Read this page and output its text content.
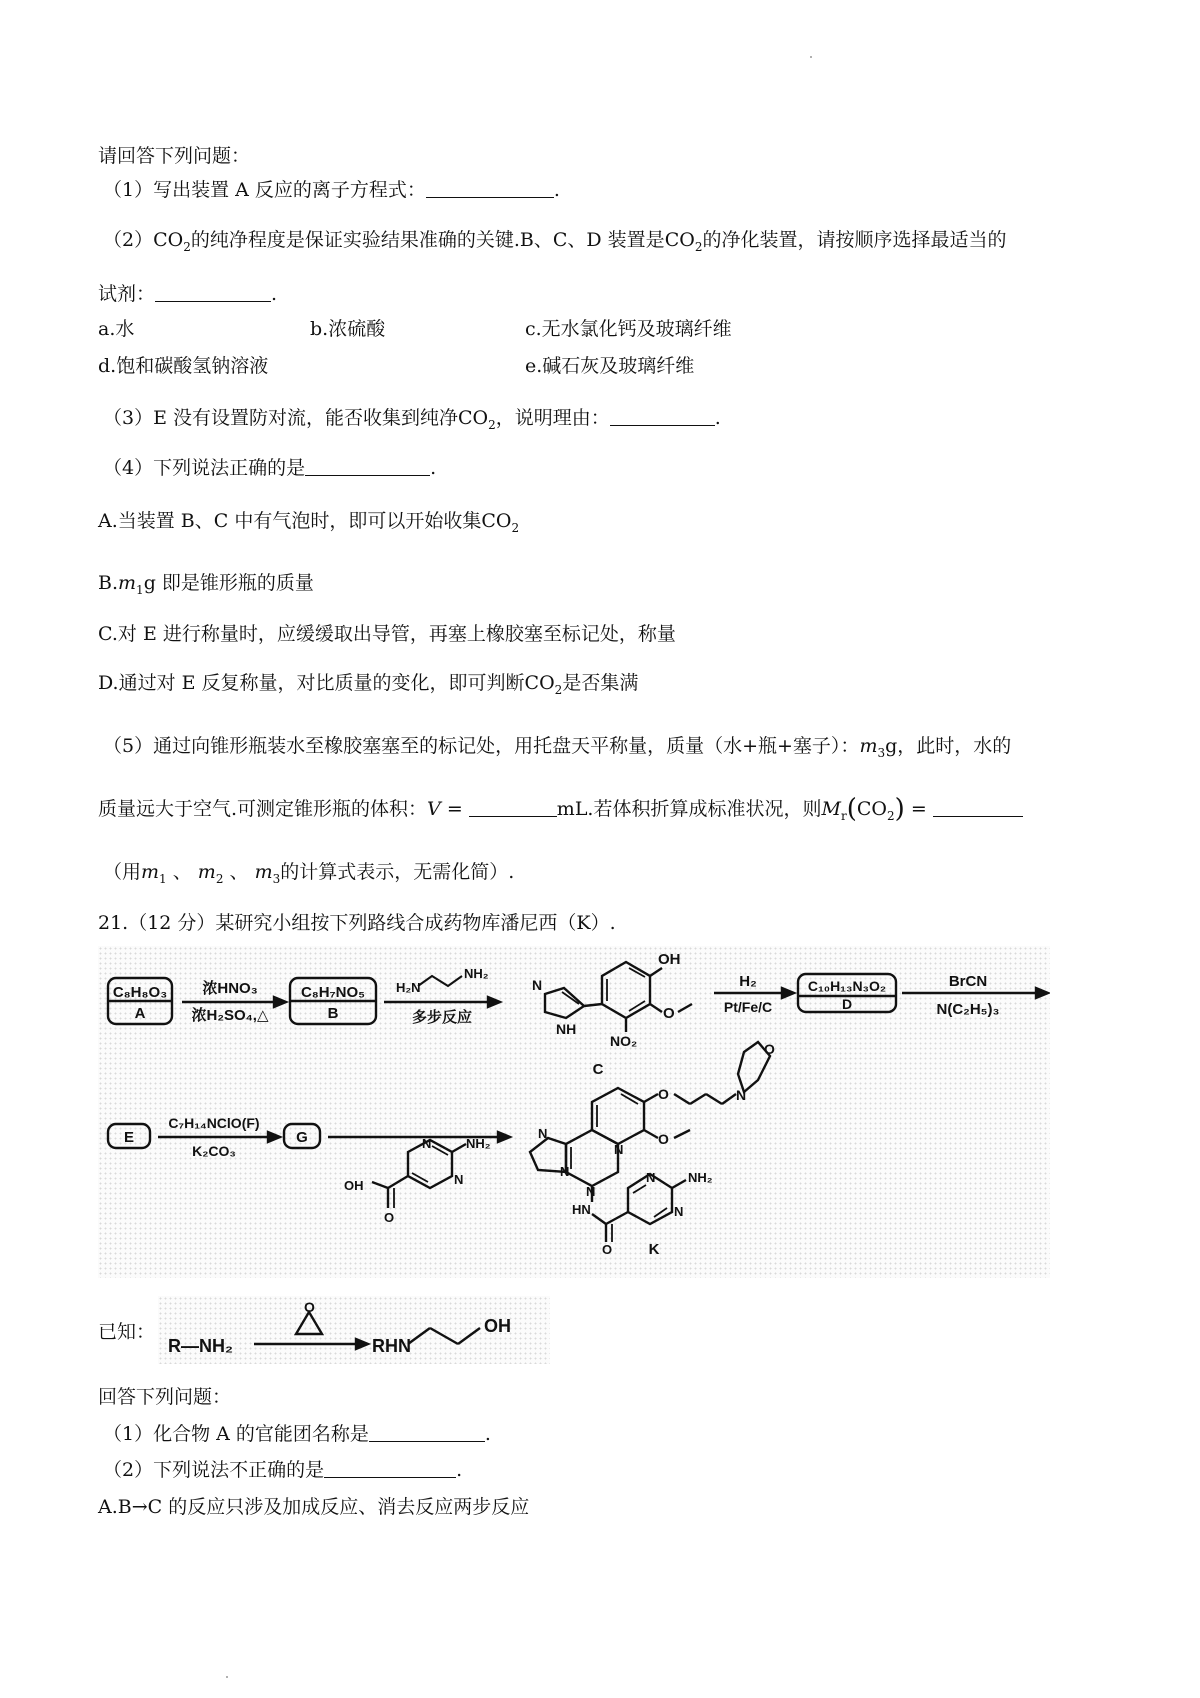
请回答下列问题：
（1）写出装置 A 反应的离子方程式：	.
$(2)CO_2$的纯净程度是保证实验结果准确的关键.B、C、D 装置是$CO_2$的净化装置，请按顺序选择最适当的
试剂：	.
a.水	b.浓硫酸	c.无水氯化钙及玻璃纤维
d.饱和碳酸氢钠溶液	e.碱石灰及玻璃纤维
（3）E 没有设置防对流，能否收集到纯净$CO_2$，说明理由：	.
（4）下列说法正确的是	.
A.当装置 B、C 中有气泡时，即可以开始收集$CO_2$
$B.m_1g$ 即是锥形瓶的质量
C.对 E 进行称量时，应缓缓取出导管，再塞上橡胶塞至标记处，称量
D.通过对 E 反复称量，对比质量的变化，即可判断$CO_2$是否集满
（5）通过向锥形瓶装水至橡胶塞塞至的标记处，用托盘天平称量，质量（水+瓶+塞子）：$m_3g$，此时，水的
质量远大于空气.可测定锥形瓶的体积：V =	mL.若体积折算成标准状况，则$M_r(CO_2)$ =
（用$m_1$ 、 $m_2$ 、 $m_3$的计算式表示，无需化简）.
21.（12 分）某研究小组按下列路线合成药物库潘尼西（K）.
C₈H₈O₃
A
浓HNO₃
浓H₂SO₄,△
C₈H₇NO₅
B
H₂N
NH₂
多步反应
OH
O
NO₂
N
NH
C
H₂
Pt/Fe/C
C₁₀H₁₃N₃O₂
D
BrCN
N(C₂H₅)₃
E
C₇H₁₄NClO(F)
K₂CO₃
G	N
N
NH₂
OH
O
O	N
O
O
N
N
N
N
HN
O
N
N
NH₂
K
已知：
O
R—NH₂	RHN
OH
回答下列问题：
（1）化合物 A 的官能团名称是	.
（2）下列说法不正确的是	.
A.B→C 的反应只涉及加成反应、消去反应两步反应
